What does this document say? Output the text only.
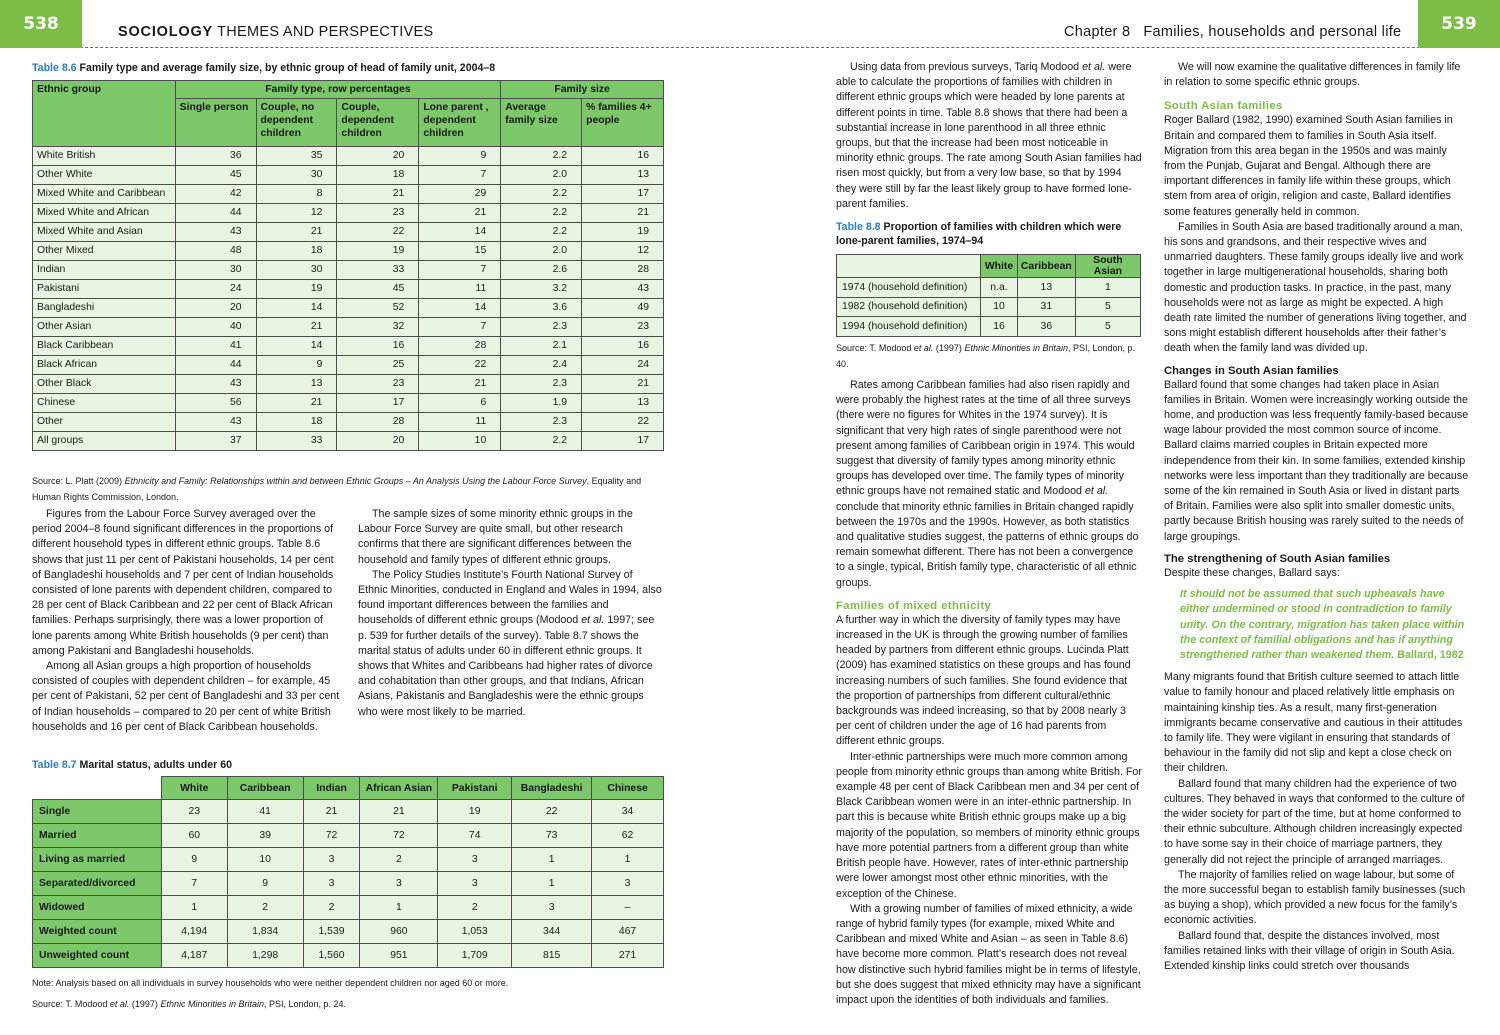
538	SOCIOLOGY THEMES AND PERSPECTIVES	Chapter 8   Families, households and personal life	539
Table 8.6 Family type and average family size, by ethnic group of head of family unit, 2004–8
Ethnic group	Family type, row percentages				Family size	
	Single person	Couple, no dependent children	Couple, dependent children	Lone parent , dependent children	Average family size	% families 4+ people
White British	36	35	20	9	2.2	16
Other White	45	30	18	7	2.0	13
Mixed White and Caribbean	42	8	21	29	2.2	17
Mixed White and African	44	12	23	21	2.2	21
Mixed White and Asian	43	21	22	14	2.2	19
Other Mixed	48	18	19	15	2.0	12
Indian	30	30	33	7	2.6	28
Pakistani	24	19	45	11	3.2	43
Bangladeshi	20	14	52	14	3.6	49
Other Asian	40	21	32	7	2.3	23
Black Caribbean	41	14	16	28	2.1	16
Black African	44	9	25	22	2.4	24
Other Black	43	13	23	21	2.3	21
Chinese	56	21	17	6	1.9	13
Other	43	18	28	11	2.3	22
All groups	37	33	20	10	2.2	17
Source: L. Platt (2009) Ethnicity and Family: Relationships within and between Ethnic Groups – An Analysis Using the Labour Force Survey, Equality and Human Rights Commission, London.

Figures from the Labour Force Survey averaged over the period 2004–8 found significant differences in the proportions of different household types in different ethnic groups. Table 8.6 shows that just 11 per cent of Pakistani households, 14 per cent of Bangladeshi households and 7 per cent of Indian households consisted of lone parents with dependent children, compared to 28 per cent of Black Caribbean and 22 per cent of Black African families. Perhaps surprisingly, there was a lower proportion of lone parents among White British households (9 per cent) than among Pakistani and Bangladeshi households.

Among all Asian groups a high proportion of households consisted of couples with dependent children – for example, 45 per cent of Pakistani, 52 per cent of Bangladeshi and 33 per cent of Indian households – compared to 20 per cent of white British households and 16 per cent of Black Caribbean households.

The sample sizes of some minority ethnic groups in the Labour Force Survey are quite small, but other research confirms that there are significant differences between the household and family types of different ethnic groups.

The Policy Studies Institute’s Fourth National Survey of Ethnic Minorities, conducted in England and Wales in 1994, also found important differences between the families and households of different ethnic groups (Modood et al. 1997; see p. 539 for further details of the survey). Table 8.7 shows the marital status of adults under 60 in different ethnic groups. It shows that Whites and Caribbeans had higher rates of divorce and cohabitation than other groups, and that Indians, African Asians, Pakistanis and Bangladeshis were the ethnic groups who were most likely to be married.

Table 8.7 Marital status, adults under 60
	White	Caribbean	Indian	African Asian	Pakistani	Bangladeshi	Chinese
Single	23	41	21	21	19	22	34
Married	60	39	72	72	74	73	62
Living as married	9	10	3	2	3	1	1
Separated/divorced	7	9	3	3	3	1	3
Widowed	1	2	2	1	2	3	–
Weighted count	4,194	1,834	1,539	960	1,053	344	467
Unweighted count	4,187	1,298	1,560	951	1,709	815	271
Note: Analysis based on all individuals in survey households who were neither dependent children nor aged 60 or more.
Source: T. Modood et al. (1997) Ethnic Minorities in Britain, PSI, London, p. 24.

Using data from previous surveys, Tariq Modood et al. were able to calculate the proportions of families with children in different ethnic groups which were headed by lone parents at different points in time. Table 8.8 shows that there had been a substantial increase in lone parenthood in all three ethnic groups, but that the increase had been most noticeable in minority ethnic groups. The rate among South Asian families had risen most quickly, but from a very low base, so that by 1994 they were still by far the least likely group to have formed lone-parent families.

Table 8.8 Proportion of families with children which were lone-parent families, 1974–94
	White	Caribbean	South Asian
1974 (household definition)	n.a.	13	1
1982 (household definition)	10	31	5
1994 (household definition)	16	36	5
Source: T. Modood et al. (1997) Ethnic Minorities in Britain, PSI, London, p. 40.

Rates among Caribbean families had also risen rapidly and were probably the highest rates at the time of all three surveys (there were no figures for Whites in the 1974 survey). It is significant that very high rates of single parenthood were not present among families of Caribbean origin in 1974. This would suggest that diversity of family types among minority ethnic groups has developed over time. The family types of minority ethnic groups have not remained static and Modood et al. conclude that minority ethnic families in Britain changed rapidly between the 1970s and the 1990s. However, as both statistics and qualitative studies suggest, the patterns of ethnic groups do remain somewhat different. There has not been a convergence to a single, typical, British family type, characteristic of all ethnic groups.

Families of mixed ethnicity

A further way in which the diversity of family types may have increased in the UK is through the growing number of families headed by partners from different ethnic groups. Lucinda Platt (2009) has examined statistics on these groups and has found increasing numbers of such families. She found evidence that the proportion of partnerships from different cultural/ethnic backgrounds was indeed increasing, so that by 2008 nearly 3 per cent of children under the age of 16 had parents from different ethnic groups.

Inter-ethnic partnerships were much more common among people from minority ethnic groups than among white British. For example 48 per cent of Black Caribbean men and 34 per cent of Black Caribbean women were in an inter-ethnic partnership. In part this is because white British ethnic groups make up a big majority of the population, so members of minority ethnic groups have more potential partners from a different group than white British people have. However, rates of inter-ethnic partnership were lower amongst most other ethnic minorities, with the exception of the Chinese.

With a growing number of families of mixed ethnicity, a wide range of hybrid family types (for example, mixed White and Caribbean and mixed White and Asian – as seen in Table 8.6) have become more common. Platt’s research does not reveal how distinctive such hybrid families might be in terms of lifestyle, but she does suggest that mixed ethnicity may have a significant impact upon the identities of both individuals and families.

We will now examine the qualitative differences in family life in relation to some specific ethnic groups.

South Asian families

Roger Ballard (1982, 1990) examined South Asian families in Britain and compared them to families in South Asia itself. Migration from this area began in the 1950s and was mainly from the Punjab, Gujarat and Bengal. Although there are important differences in family life within these groups, which stem from area of origin, religion and caste, Ballard identifies some features generally held in common.

Families in South Asia are based traditionally around a man, his sons and grandsons, and their respective wives and unmarried daughters. These family groups ideally live and work together in large multigenerational households, sharing both domestic and production tasks. In practice, in the past, many households were not as large as might be expected. A high death rate limited the number of generations living together, and sons might establish different households after their father’s death when the family land was divided up.

Changes in South Asian families

Ballard found that some changes had taken place in Asian families in Britain. Women were increasingly working outside the home, and production was less frequently family-based because wage labour provided the most common source of income. Ballard claims married couples in Britain expected more independence from their kin. In some families, extended kinship networks were less important than they traditionally are because some of the kin remained in South Asia or lived in distant parts of Britain. Families were also split into smaller domestic units, partly because British housing was rarely suited to the needs of large groupings.

The strengthening of South Asian families

Despite these changes, Ballard says:

It should not be assumed that such upheavals have either undermined or stood in contradiction to family unity. On the contrary, migration has taken place within the context of familial obligations and has if anything strengthened rather than weakened them. Ballard, 1982

Many migrants found that British culture seemed to attach little value to family honour and placed relatively little emphasis on maintaining kinship ties. As a result, many first-generation immigrants became conservative and cautious in their attitudes to family life. They were vigilant in ensuring that standards of behaviour in the family did not slip and kept a close check on their children.

Ballard found that many children had the experience of two cultures. They behaved in ways that conformed to the culture of the wider society for part of the time, but at home conformed to their ethnic subculture. Although children increasingly expected to have some say in their choice of marriage partners, they generally did not reject the principle of arranged marriages.

The majority of families relied on wage labour, but some of the more successful began to establish family businesses (such as buying a shop), which provided a new focus for the family’s economic activities.

Ballard found that, despite the distances involved, most families retained links with their village of origin in South Asia. Extended kinship links could stretch over thousands
